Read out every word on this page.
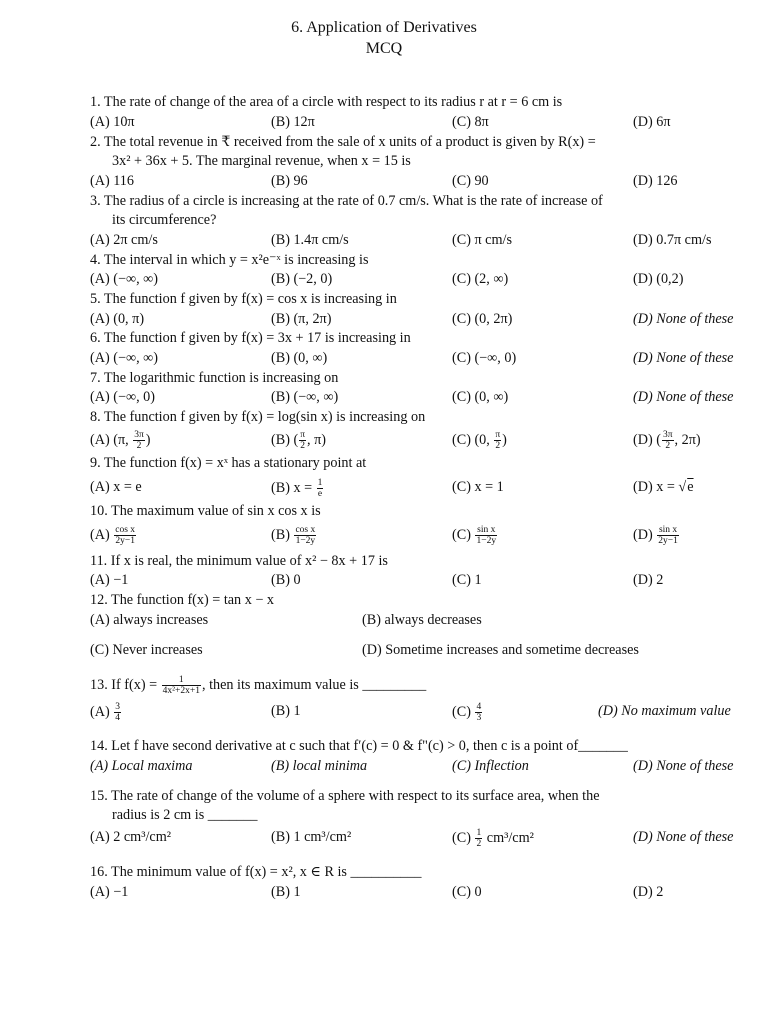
6. Application of Derivatives
MCQ
1. The rate of change of the area of a circle with respect to its radius r at r = 6 cm is
(A) 10π	(B) 12π	(C) 8π	(D) 6π
2. The total revenue in ₹ received from the sale of x units of a product is given by R(x) =
3x² + 36x + 5. The marginal revenue, when x = 15 is
(A) 116	(B) 96	(C) 90	(D) 126
3. The radius of a circle is increasing at the rate of 0.7 cm/s. What is the rate of increase of
its circumference?
(A) 2π cm/s	(B) 1.4π cm/s	(C) π cm/s	(D) 0.7π cm/s
4. The interval in which y = x²e⁻ˣ is increasing is
(A) (−∞, ∞)	(B) (−2, 0)	(C) (2, ∞)	(D) (0,2)
5. The function f given by f(x) = cos x is increasing in
(A) (0, π)	(B) (π, 2π)	(C) (0, 2π)	(D) None of these
6. The function f given by f(x) = 3x + 17 is increasing in
(A) (−∞, ∞)	(B) (0, ∞)	(C) (−∞, 0)	(D) None of these
7. The logarithmic function is increasing on
(A) (−∞, 0)	(B) (−∞, ∞)	(C) (0, ∞)	(D) None of these
8. The function f given by f(x) = log(sin x) is increasing on
(A) (π, $\frac{3\pi}{2}$ )	(B) ( $\frac{\pi}{2}$ , π)	(C) (0, $\frac{\pi}{2}$ )	(D) ( $\frac{3\pi}{2}$ , 2π)
9. The function f(x) = xˣ has a stationary point at
(A) x = e	(B) $x = \frac{1}{e}$	(C) x = 1	(D) x = √e
10. The maximum value of sin x cos x is
$(A) \frac{\text{cos x}}{2y-1}$	$(B) \frac{\text{cos x}}{1-2y}$	$(C) \frac{\text{sin x}}{1-2y}$	$(D) \frac{\text{sin x}}{2y-1}$
11. If x is real, the minimum value of x² − 8x + 17 is
(A) −1	(B) 0	(C) 1	(D) 2
12. The function f(x) = tan x − x
(A) always increases	(B) always decreases
(C) Never increases	(D) Sometime increases and sometime decreases
13. If $f(x) = \frac{1}{\text{4x²+2x+1}}$ , then its maximum value is _________
$(A) \frac{3}{4}$	(B) 1	$(C) \frac{4}{3}$	(D) No maximum value
14. Let f have second derivative at c such that f′(c) = 0 & f"(c) > 0, then c is a point of_______
(A) Local maxima	(B) local minima	(C) Inflection	(D) None of these
15. The rate of change of the volume of a sphere with respect to its surface area, when the
radius is 2 cm is _______
(A) 2 cm³/cm²	(B) 1 cm³/cm²	$(C) \frac{1}{2} cm^3/cm^2$	(D) None of these
16. The minimum value of f(x) = x², x ∈ R is __________
(A) −1	(B) 1	(C) 0	(D) 2
